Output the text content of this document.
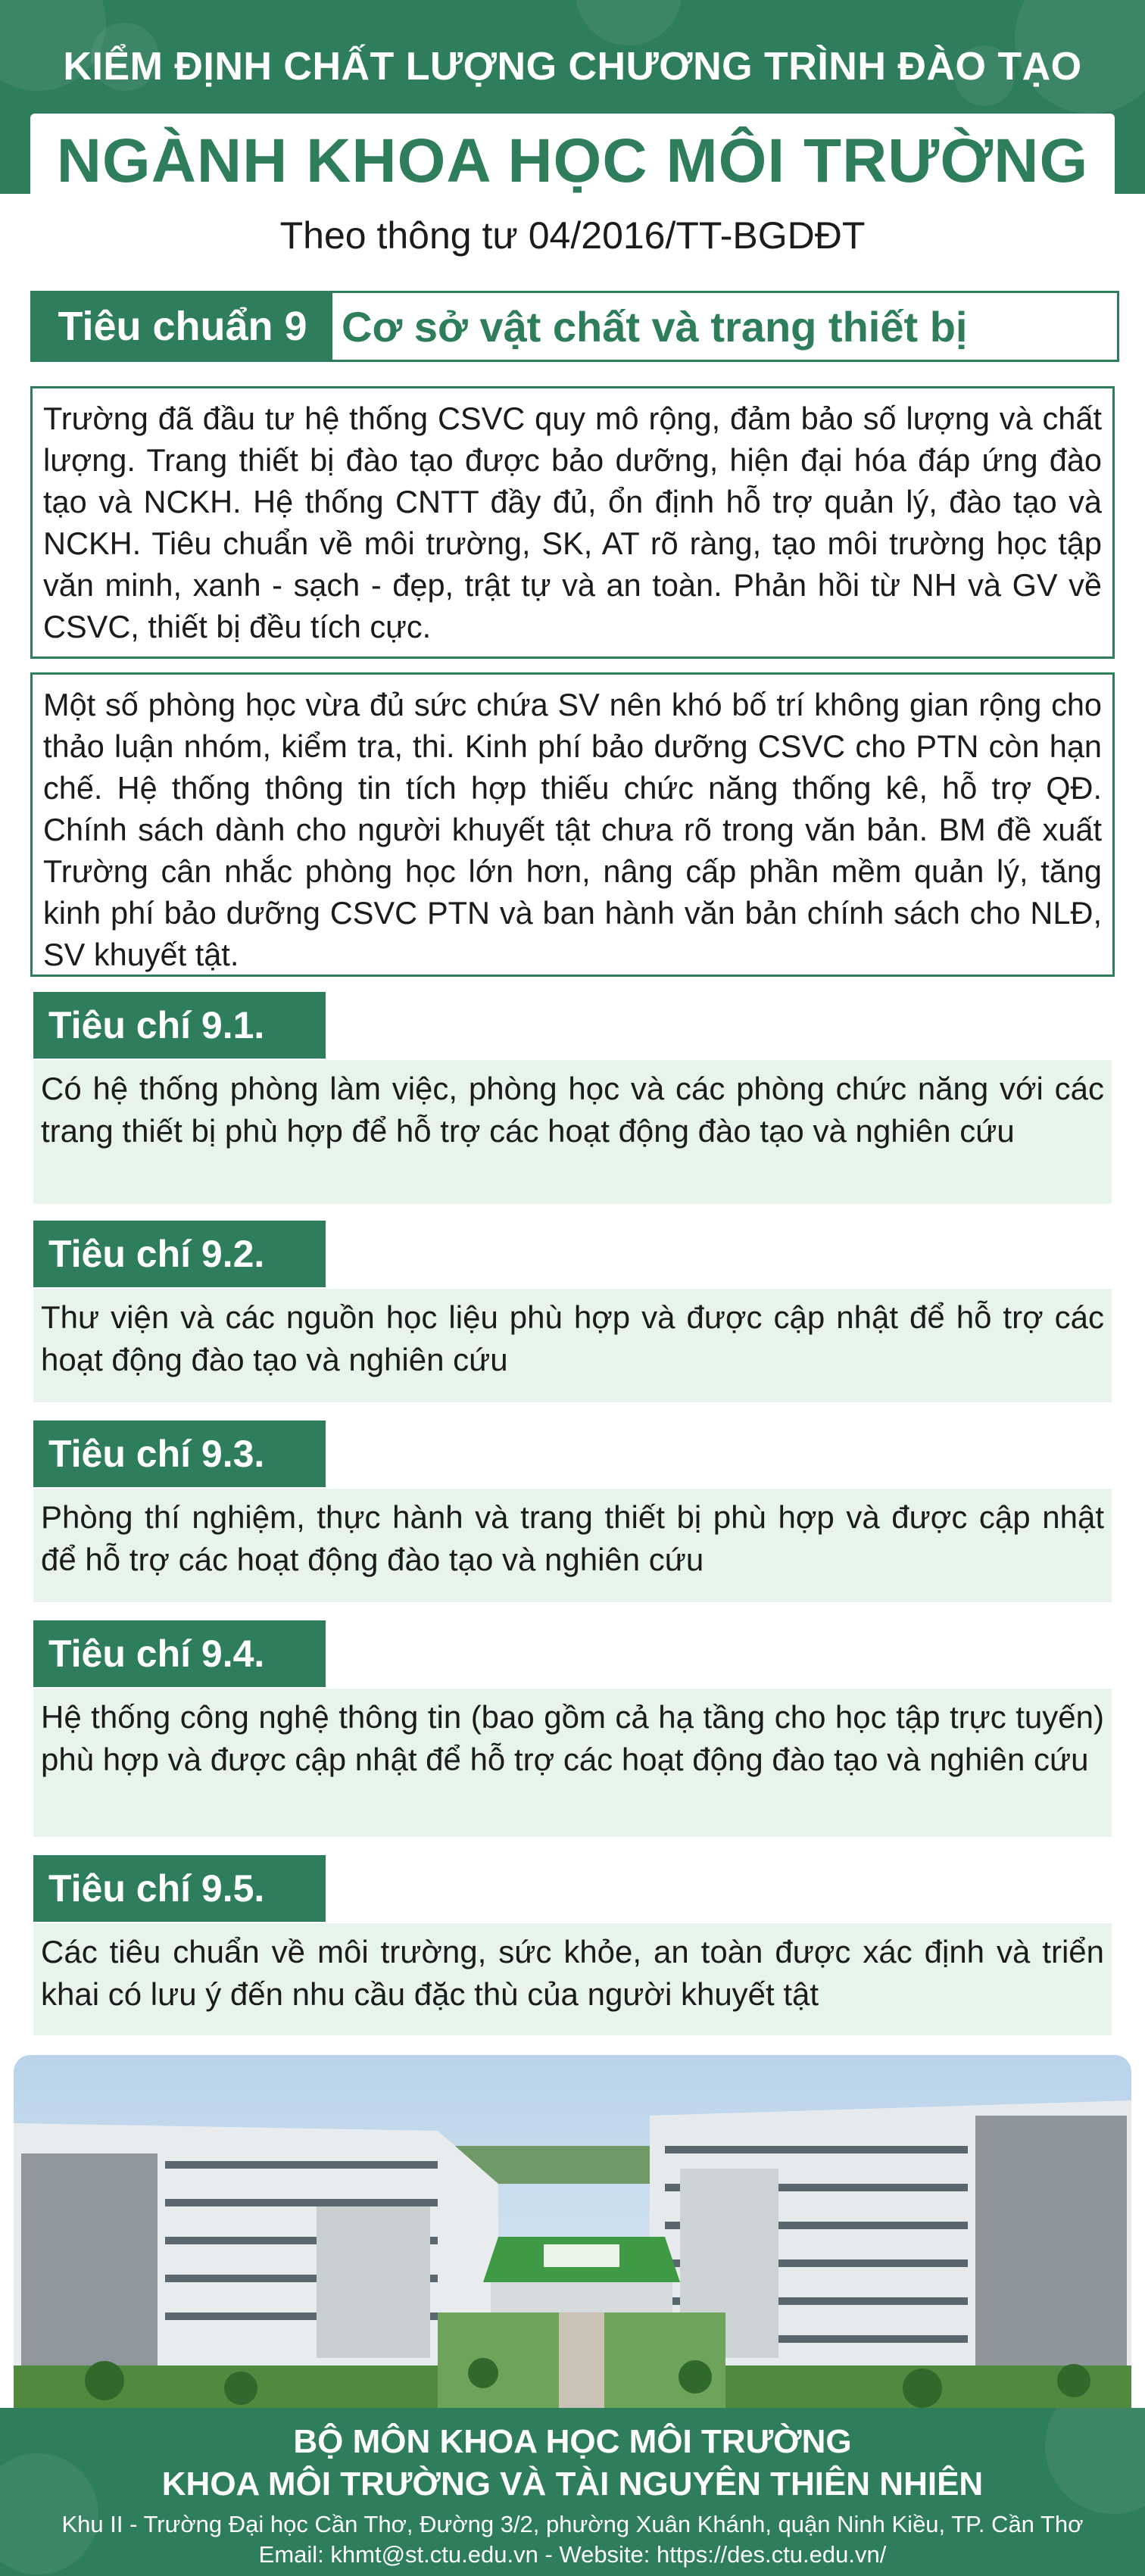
KIỂM ĐỊNH CHẤT LƯỢNG CHƯƠNG TRÌNH ĐÀO TẠO
NGÀNH KHOA HỌC MÔI TRƯỜNG
Theo thông tư 04/2016/TT-BGDĐT
Tiêu chuẩn 9 Cơ sở vật chất và trang thiết bị
Trường đã đầu tư hệ thống CSVC quy mô rộng, đảm bảo số lượng và chất lượng. Trang thiết bị đào tạo được bảo dưỡng, hiện đại hóa đáp ứng đào tạo và NCKH. Hệ thống CNTT đầy đủ, ổn định hỗ trợ quản lý, đào tạo và NCKH. Tiêu chuẩn về môi trường, SK, AT rõ ràng, tạo môi trường học tập văn minh, xanh - sạch - đẹp, trật tự và an toàn. Phản hồi từ NH và GV về CSVC, thiết bị đều tích cực.
Một số phòng học vừa đủ sức chứa SV nên khó bố trí không gian rộng cho thảo luận nhóm, kiểm tra, thi. Kinh phí bảo dưỡng CSVC cho PTN còn hạn chế. Hệ thống thông tin tích hợp thiếu chức năng thống kê, hỗ trợ QĐ. Chính sách dành cho người khuyết tật chưa rõ trong văn bản. BM đề xuất Trường cân nhắc phòng học lớn hơn, nâng cấp phần mềm quản lý, tăng kinh phí bảo dưỡng CSVC PTN và ban hành văn bản chính sách cho NLĐ, SV khuyết tật.
Tiêu chí 9.1.
Có hệ thống phòng làm việc, phòng học và các phòng chức năng với các trang thiết bị phù hợp để hỗ trợ các hoạt động đào tạo và nghiên cứu
Tiêu chí 9.2.
Thư viện và các nguồn học liệu phù hợp và được cập nhật để hỗ trợ các hoạt động đào tạo và nghiên cứu
Tiêu chí 9.3.
Phòng thí nghiệm, thực hành và trang thiết bị phù hợp và được cập nhật để hỗ trợ các hoạt động đào tạo và nghiên cứu
Tiêu chí 9.4.
Hệ thống công nghệ thông tin (bao gồm cả hạ tầng cho học tập trực tuyến) phù hợp và được cập nhật để hỗ trợ các hoạt động đào tạo và nghiên cứu
Tiêu chí 9.5.
Các tiêu chuẩn về môi trường, sức khỏe, an toàn được xác định và triển khai có lưu ý đến nhu cầu đặc thù của người khuyết tật
BỘ MÔN KHOA HỌC MÔI TRƯỜNG
KHOA MÔI TRƯỜNG VÀ TÀI NGUYÊN THIÊN NHIÊN
Khu II - Trường Đại học Cần Thơ, Đường 3/2, phường Xuân Khánh, quận Ninh Kiều, TP. Cần Thơ
Email: khmt@st.ctu.edu.vn - Website: https://des.ctu.edu.vn/
